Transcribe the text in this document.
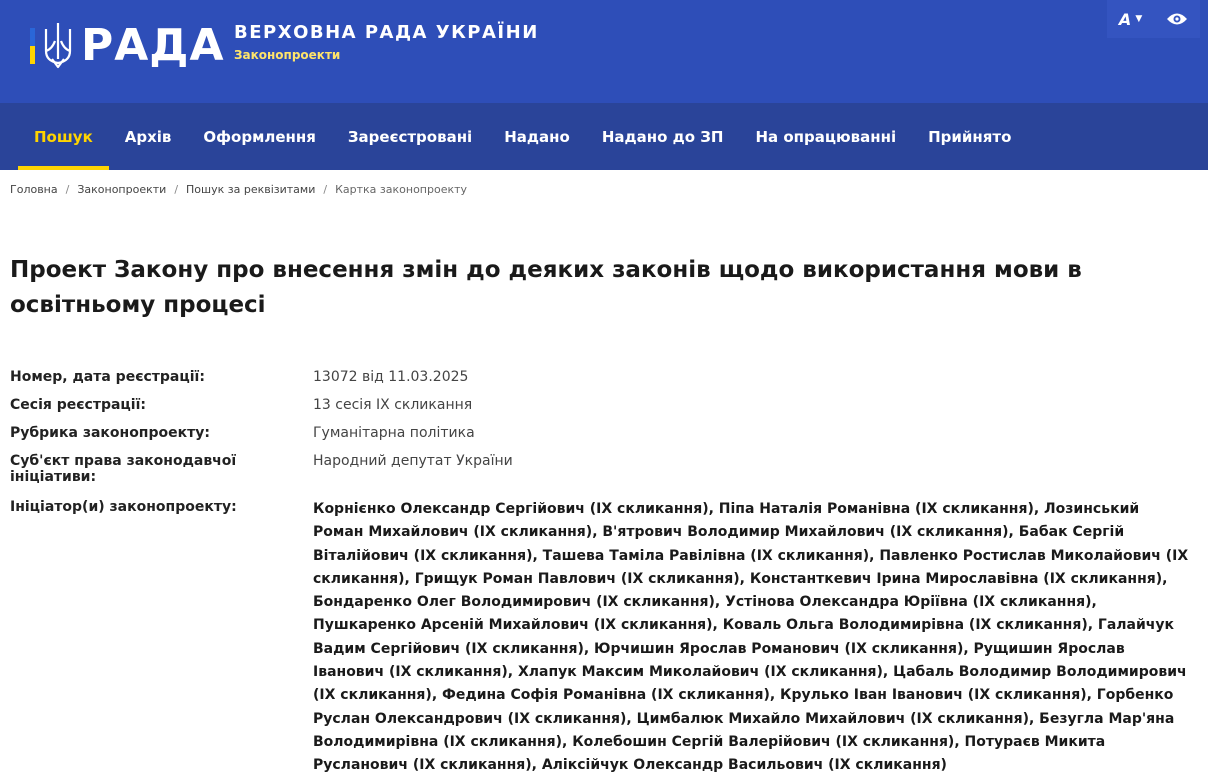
РАДА ВЕРХОВНА РАДА УКРАЇНИ
Законопроекти
A ▼
Пошук Архів Оформлення Зареєстровані Надано Надано до ЗП На опрацюванні Прийнято
Головна / Законопроекти / Пошук за реквізитами / Картка законопроекту
Проект Закону про внесення змін до деяких законів щодо використання мови в освітньому процесі
Номер, дата реєстрації:	13072 від 11.03.2025
Сесія реєстрації:	13 сесія IX скликання
Рубрика законопроекту:	Гуманітарна політика
Суб'єкт права законодавчої ініціативи:
Народний депутат України
Ініціатор(и) законопроекту:	Корнієнко Олександр Сергійович (IX скликання), Піпа Наталія Романівна (IX скликання), Лозинський Роман Михайлович (IX скликання), В'ятрович Володимир Михайлович (IX скликання), Бабак Сергій Віталійович (IX скликання), Ташева Таміла Равілівна (IX скликання), Павленко Ростислав Миколайович (IX скликання), Грищук Роман Павлович (IX скликання), Константкевич Ірина Мирославівна (IX скликання), Бондаренко Олег Володимирович (IX скликання), Устінова Олександра Юріївна (IX скликання), Пушкаренко Арсеній Михайлович (IX скликання), Коваль Ольга Володимирівна (IX скликання), Галайчук Вадим Сергійович (IX скликання), Юрчишин Ярослав Романович (IX скликання), Рущишин Ярослав Іванович (IX скликання), Хлапук Максим Миколайович (IX скликання), Цабаль Володимир Володимирович (IX скликання), Федина Софія Романівна (IX скликання), Крулько Іван Іванович (IX скликання), Горбенко Руслан Олександрович (IX скликання), Цимбалюк Михайло Михайлович (IX скликання), Безугла Мар'яна Володимирівна (IX скликання), Колебошин Сергій Валерійович (IX скликання), Потураєв Микита Русланович (IX скликання), Аліксійчук Олександр Васильович (IX скликання)
